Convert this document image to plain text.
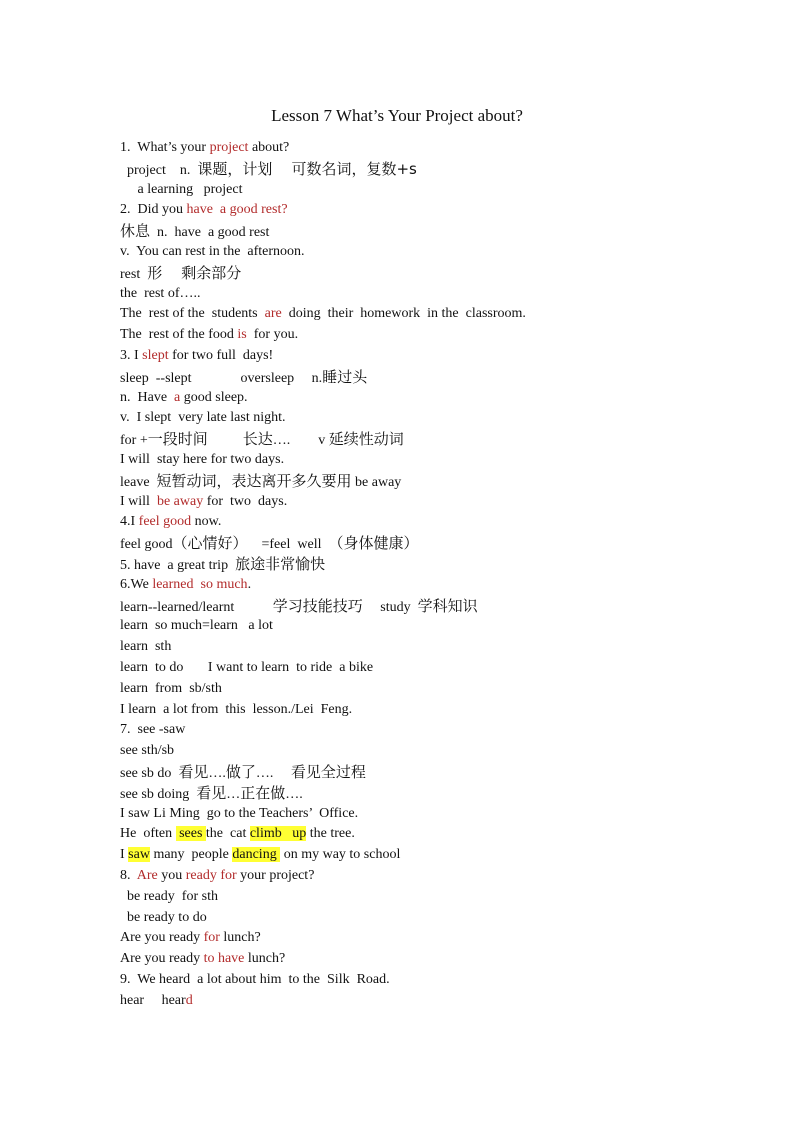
Lesson 7 What’s Your Project about?
1.  What’s your project about?
project    n.  课题，计划    可数名词，复数+s
a learning   project
2.  Did you have  a good rest?
休息  n.  have  a good rest
v.  You can rest in the  afternoon.
rest  形    剩余部分
the  rest of…..
The  rest of the  students  are  doing  their  homework  in the  classroom.
The  rest of the food is  for you.
3. I slept for two full  days!
sleep  --slept              oversleep     n.睡过头
n.  Have  a good sleep.
v.  I slept  very late last night.
for +一段时间 长达….        v 延续性动词
I will  stay here for two days.
leave  短暂动词，表达离开多久要用 be away
I will  be away for  two  days.
4.I feel good now.
feel good（心情好）    =feel  well  （身体健康）
5. have  a great trip  旅途非常愉快
6.We learned  so much.
learn--learned/learnt           学习技能技巧     study  学科知识
learn  so much=learn   a lot
learn  sth
learn  to do       I want to learn  to ride  a bike
learn  from  sb/sth
I learn  a lot from  this  lesson./Lei  Feng.
7.  see -saw
see sth/sb
see sb do  看见….做了….     看见全过程
see sb doing  看见…正在做….
I saw Li Ming  go to the Teachers’  Office.
He  often  sees the  cat climb   up the tree.
I saw many  people dancing  on my way to school
8.  Are you ready for your project?
be ready  for sth
be ready to do
Are you ready for lunch?
Are you ready to have lunch?
9.  We heard  a lot about him  to the  Silk  Road.
hear     heard
